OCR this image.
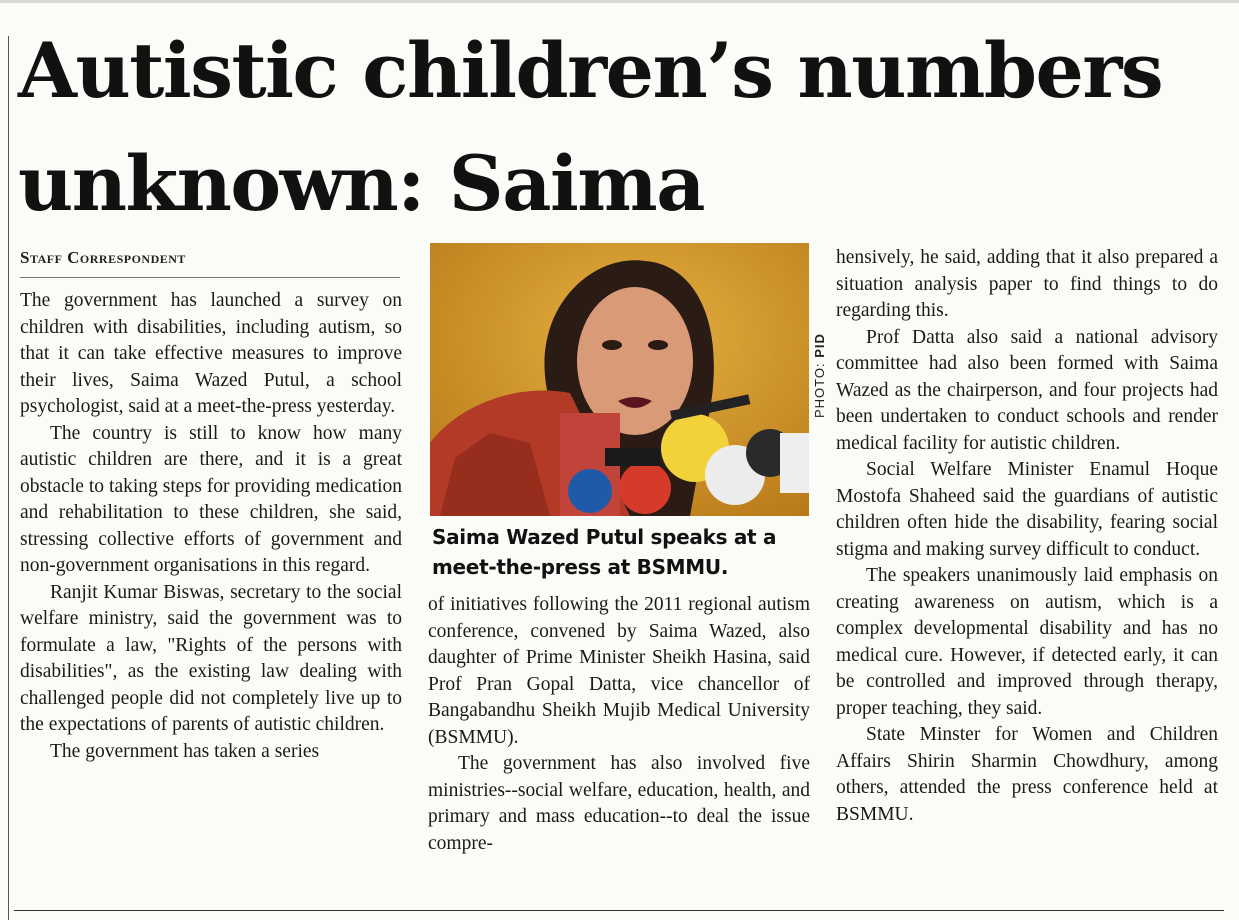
Autistic children’s numbers
unknown: Saima
Staff Correspondent

The government has launched a survey on children with disabilities, including autism, so that it can take effective measures to improve their lives, Saima Wazed Putul, a school psychologist, said at a meet-the-press yesterday.

The country is still to know how many autistic children are there, and it is a great obstacle to taking steps for providing medication and rehabilitation to these children, she said, stressing collective efforts of government and non-government organisations in this regard.

Ranjit Kumar Biswas, secretary to the social welfare ministry, said the government was to formulate a law, "Rights of the persons with disabilities", as the existing law dealing with challenged people did not completely live up to the expectations of parents of autistic children.

The government has taken a series

PHOTO: PID
Saima Wazed Putul speaks at a
meet-the-press at BSMMU.

of initiatives following the 2011 regional autism conference, convened by Saima Wazed, also daughter of Prime Minister Sheikh Hasina, said Prof Pran Gopal Datta, vice chancellor of Bangabandhu Sheikh Mujib Medical University (BSMMU).

The government has also involved five ministries--social welfare, education, health, and primary and mass education--to deal the issue compre-

hensively, he said, adding that it also prepared a situation analysis paper to find things to do regarding this.

Prof Datta also said a national advisory committee had also been formed with Saima Wazed as the chairperson, and four projects had been undertaken to conduct schools and render medical facility for autistic children.

Social Welfare Minister Enamul Hoque Mostofa Shaheed said the guardians of autistic children often hide the disability, fearing social stigma and making survey difficult to conduct.

The speakers unanimously laid emphasis on creating awareness on autism, which is a complex developmental disability and has no medical cure. However, if detected early, it can be controlled and improved through therapy, proper teaching, they said.

State Minster for Women and Children Affairs Shirin Sharmin Chowdhury, among others, attended the press conference held at BSMMU.
